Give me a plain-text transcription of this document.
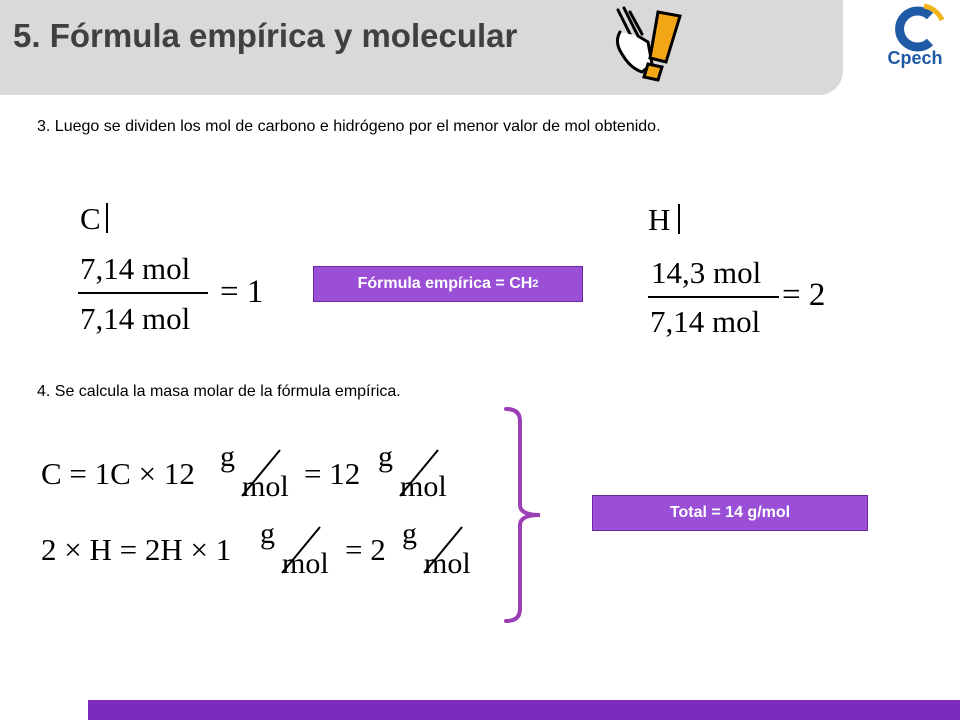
5. Fórmula empírica y molecular
Cpech
3. Luego se dividen los mol de carbono e hidrógeno por el menor valor de mol obtenido.
C
7,14 mol
7,14 mol
= 1	Fórmula empírica = CH 2
H
14,3 mol
7,14 mol
= 2
4. Se calcula la masa molar de la fórmula empírica.
C = 1C × 12 g
mol = 12 g
mol
2 × H = 2H × 1 g
mol = 2 g
mol
Total = 14 g/mol
